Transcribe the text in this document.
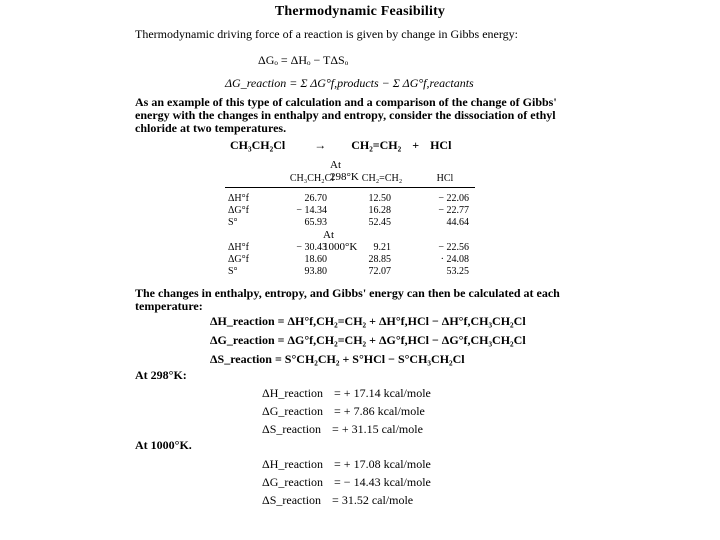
Thermodynamic Feasibility
Thermodynamic driving force of a reaction is given by change in Gibbs energy:
ΔGₒ = ΔHₒ − TΔSₒ
ΔG_reaction = Σ ΔG°f,products − Σ ΔG°f,reactants
As an example of this type of calculation and a comparison of the change of Gibbs' energy with the changes in enthalpy and entropy, consider the dissociation of ethyl chloride at two temperatures.
CH₃CH₂Cl → CH₂=CH₂ + HCl
At 298°K
CH₃CH₂Cl	CH₂=CH₂	HCl
ΔH°f	26.70	12.50	− 22.06
ΔG°f	− 14.34	16.28	− 22.77
S°	65.93	52.45	44.64
At 1000°K
ΔH°f	− 30.43	9.21	− 22.56
ΔG°f	18.60	28.85	· 24.08
S°	93.80	72.07	53.25
The changes in enthalpy, entropy, and Gibbs' energy can then be calculated at each temperature:
ΔH_reaction = ΔH°f,CH₂=CH₂ + ΔH°f,HCl − ΔH°f,CH₃CH₂Cl
ΔG_reaction = ΔG°f,CH₂=CH₂ + ΔG°f,HCl − ΔG°f,CH₃CH₂Cl
ΔS_reaction = S°CH₂CH₂ + S°HCl − S°CH₃CH₂Cl
At 298°K:
ΔH_reaction = + 17.14 kcal/mole
ΔG_reaction = + 7.86 kcal/mole
ΔS_reaction = + 31.15 cal/mole
At 1000°K.
ΔH_reaction = + 17.08 kcal/mole
ΔG_reaction = − 14.43 kcal/mole
ΔS_reaction = 31.52 cal/mole
